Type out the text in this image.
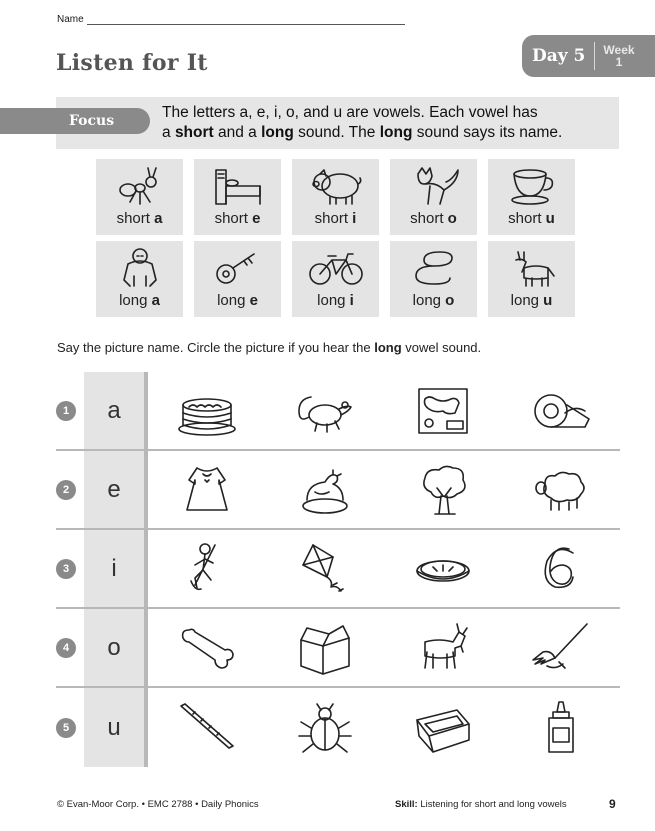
Name
Listen for It	Day 5	Week
1
Focus	The letters a, e, i, o, and u are vowels. Each vowel has
a short and a long sound. The long sound says its name.
short a	short e	short i	short o	short u
long a	long e	long i	long o	long u
Say the picture name. Circle the picture if you hear the long vowel sound.
1	a
2	e
3	i
4	o
5	u
© Evan-Moor Corp. • EMC 2788 • Daily Phonics	Skill: Listening for short and long vowels	9
